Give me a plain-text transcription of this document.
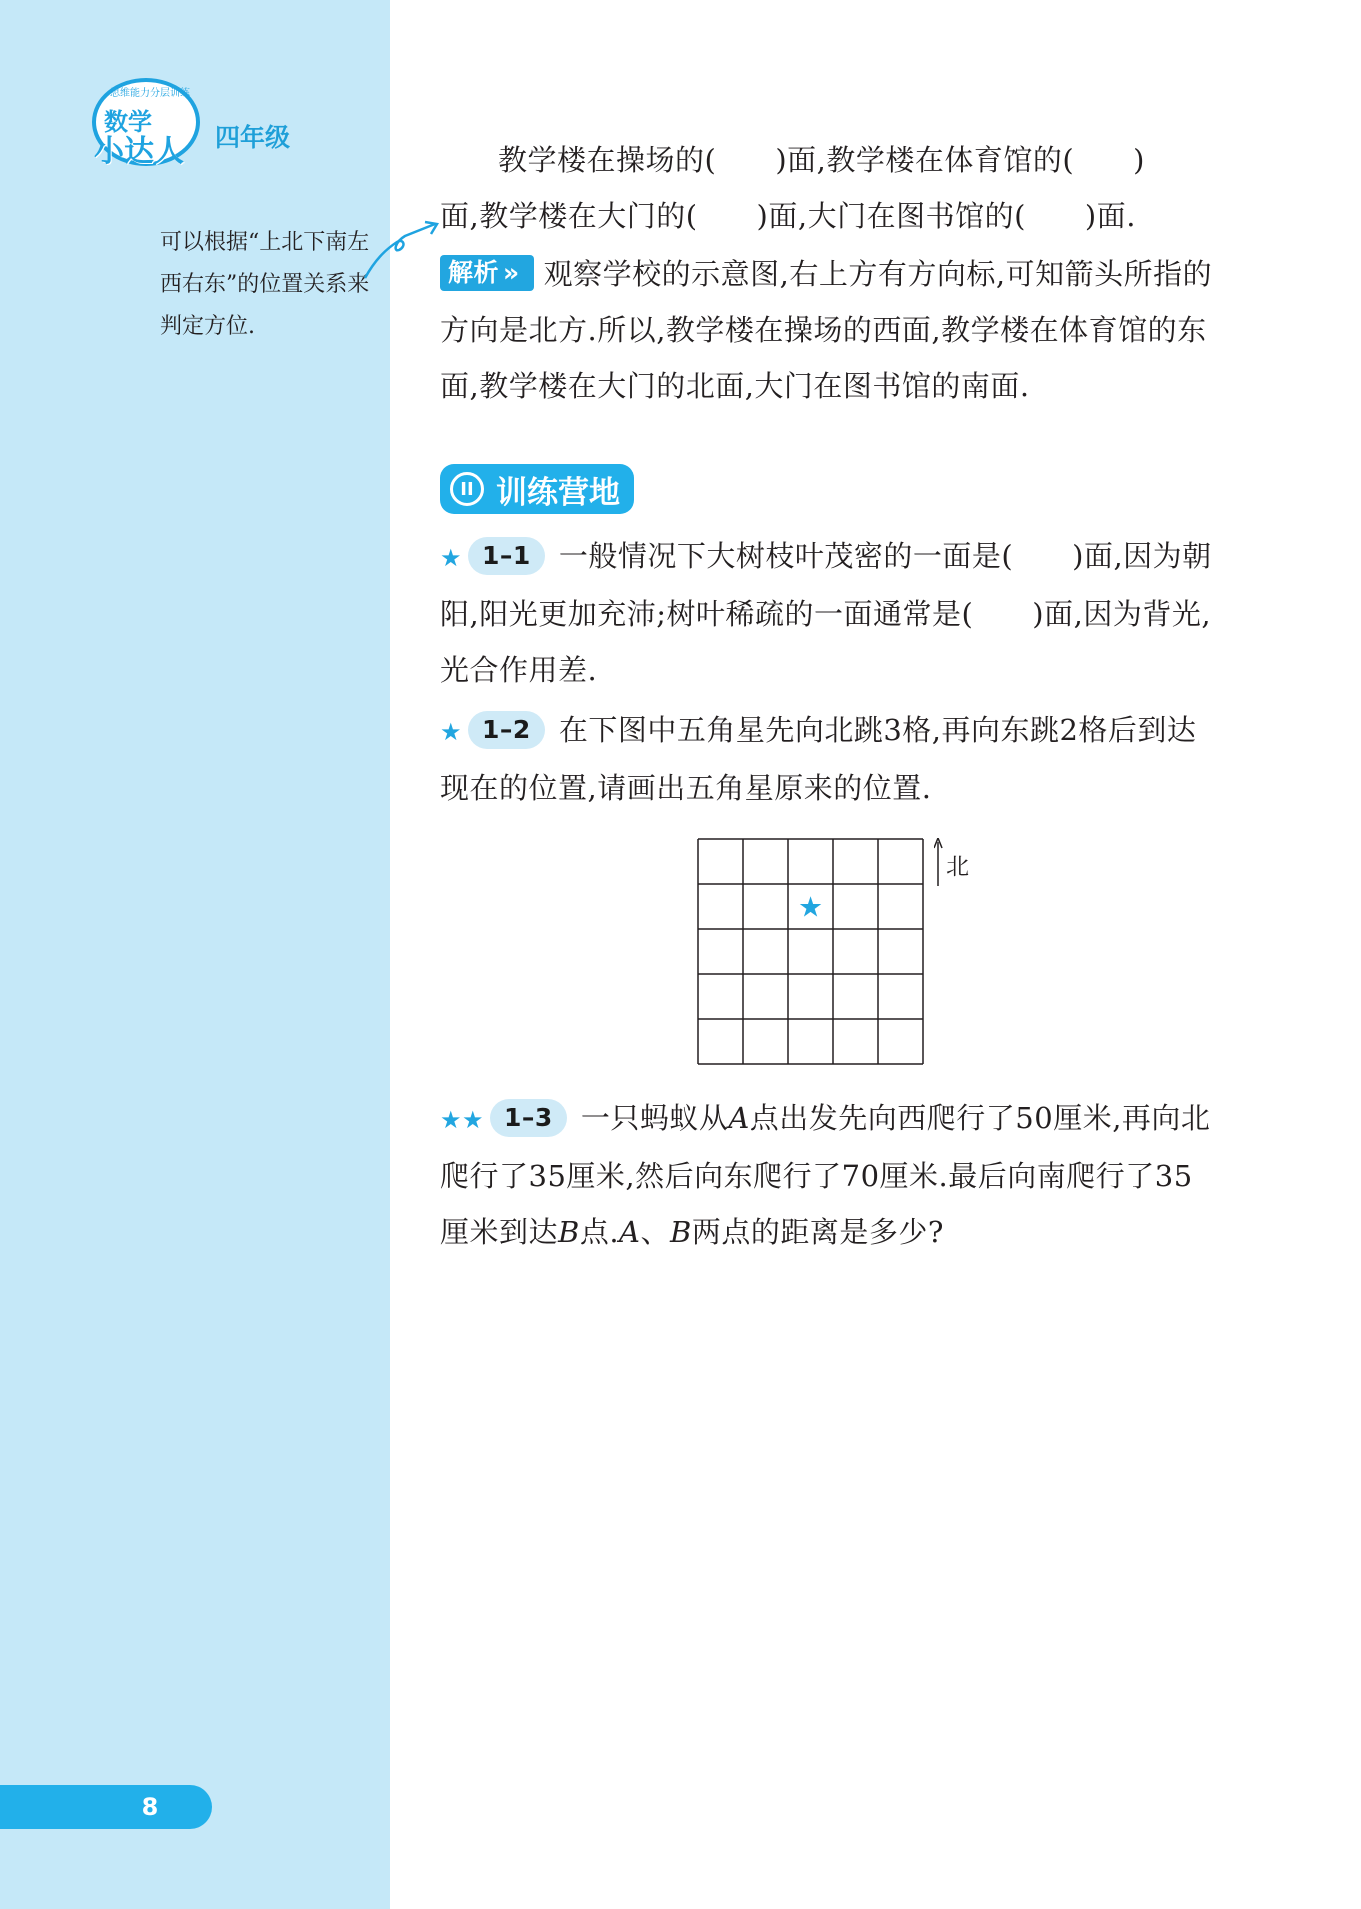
思维能力分层训练
数学
小达人 四年级
可以根据“上北下南左西右东”的位置关系来判定方位.
8
教学楼在操场的(　　)面,教学楼在体育馆的(　　)
面,教学楼在大门的(　　)面,大门在图书馆的(　　)面.
解析 » 观察学校的示意图,右上方有方向标,可知箭头所指的方向是北方.所以,教学楼在操场的西面,教学楼在体育馆的东面,教学楼在大门的北面,大门在图书馆的南面.
II 训练营地
★ 1–1 一般情况下大树枝叶茂密的一面是(　　)面,因为朝阳,阳光更加充沛;树叶稀疏的一面通常是(　　)面,因为背光,光合作用差.
★ 1–2 在下图中五角星先向北跳3格,再向东跳2格后到达现在的位置,请画出五角星原来的位置.
★★ 1–3 一只蚂蚁从A点出发先向西爬行了50厘米,再向北爬行了35厘米,然后向东爬行了70厘米.最后向南爬行了35厘米到达B点.A、B两点的距离是多少?
★
北
